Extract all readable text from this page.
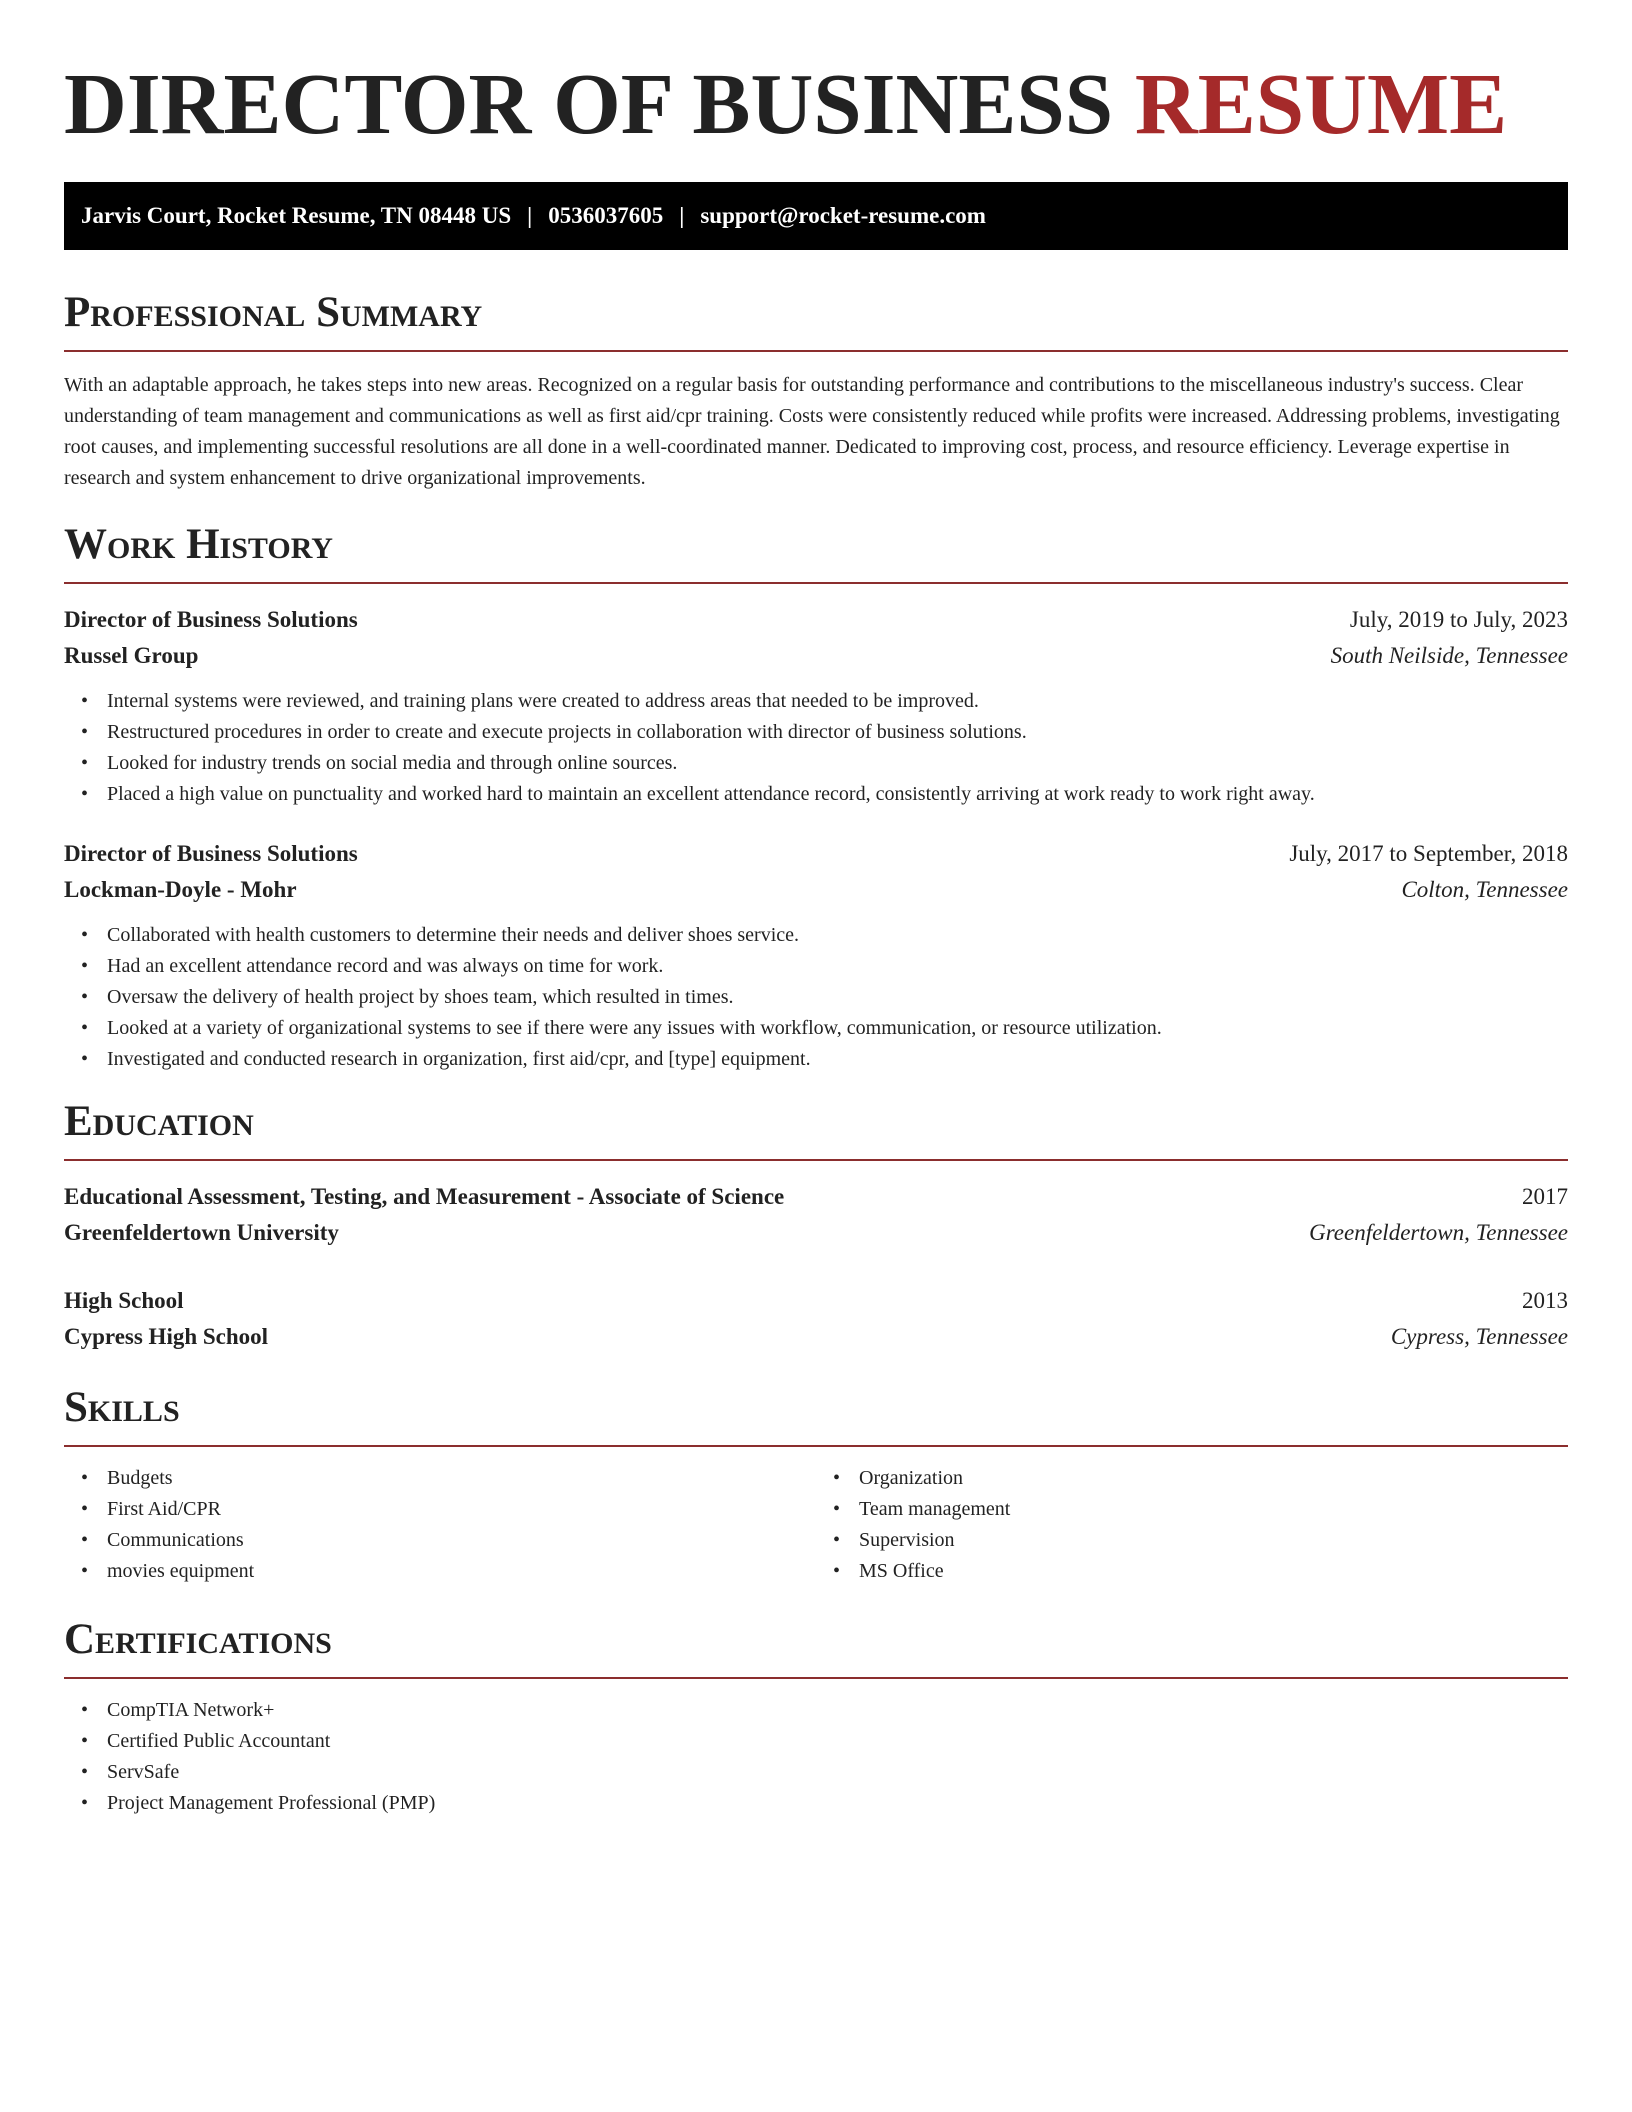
DIRECTOR OF BUSINESS RESUME
Jarvis Court, Rocket Resume, TN 08448 US | 0536037605 | support@rocket-resume.com
Professional Summary

With an adaptable approach, he takes steps into new areas. Recognized on a regular basis for outstanding performance and contributions to the miscellaneous industry's success. Clear understanding of team management and communications as well as first aid/cpr training. Costs were consistently reduced while profits were increased. Addressing problems, investigating root causes, and implementing successful resolutions are all done in a well-coordinated manner. Dedicated to improving cost, process, and resource efficiency. Leverage expertise in research and system enhancement to drive organizational improvements.

Work History
Director of Business Solutions	July, 2019 to July, 2023
Russel Group	South Neilside, Tennessee
• Internal systems were reviewed, and training plans were created to address areas that needed to be improved.
• Restructured procedures in order to create and execute projects in collaboration with director of business solutions.
• Looked for industry trends on social media and through online sources.
• Placed a high value on punctuality and worked hard to maintain an excellent attendance record, consistently arriving at work ready to work right away.
Director of Business Solutions	July, 2017 to September, 2018
Lockman-Doyle - Mohr	Colton, Tennessee
• Collaborated with health customers to determine their needs and deliver shoes service.
• Had an excellent attendance record and was always on time for work.
• Oversaw the delivery of health project by shoes team, which resulted in times.
• Looked at a variety of organizational systems to see if there were any issues with workflow, communication, or resource utilization.
• Investigated and conducted research in organization, first aid/cpr, and [type] equipment.
Education
Educational Assessment, Testing, and Measurement - Associate of Science	2017
Greenfeldertown University	Greenfeldertown, Tennessee
High School	2013
Cypress High School	Cypress, Tennessee
Skills
• Budgets
• First Aid/CPR
• Communications
• movies equipment
• Organization
• Team management
• Supervision
• MS Office
Certifications
• CompTIA Network+
• Certified Public Accountant
• ServSafe
• Project Management Professional (PMP)
